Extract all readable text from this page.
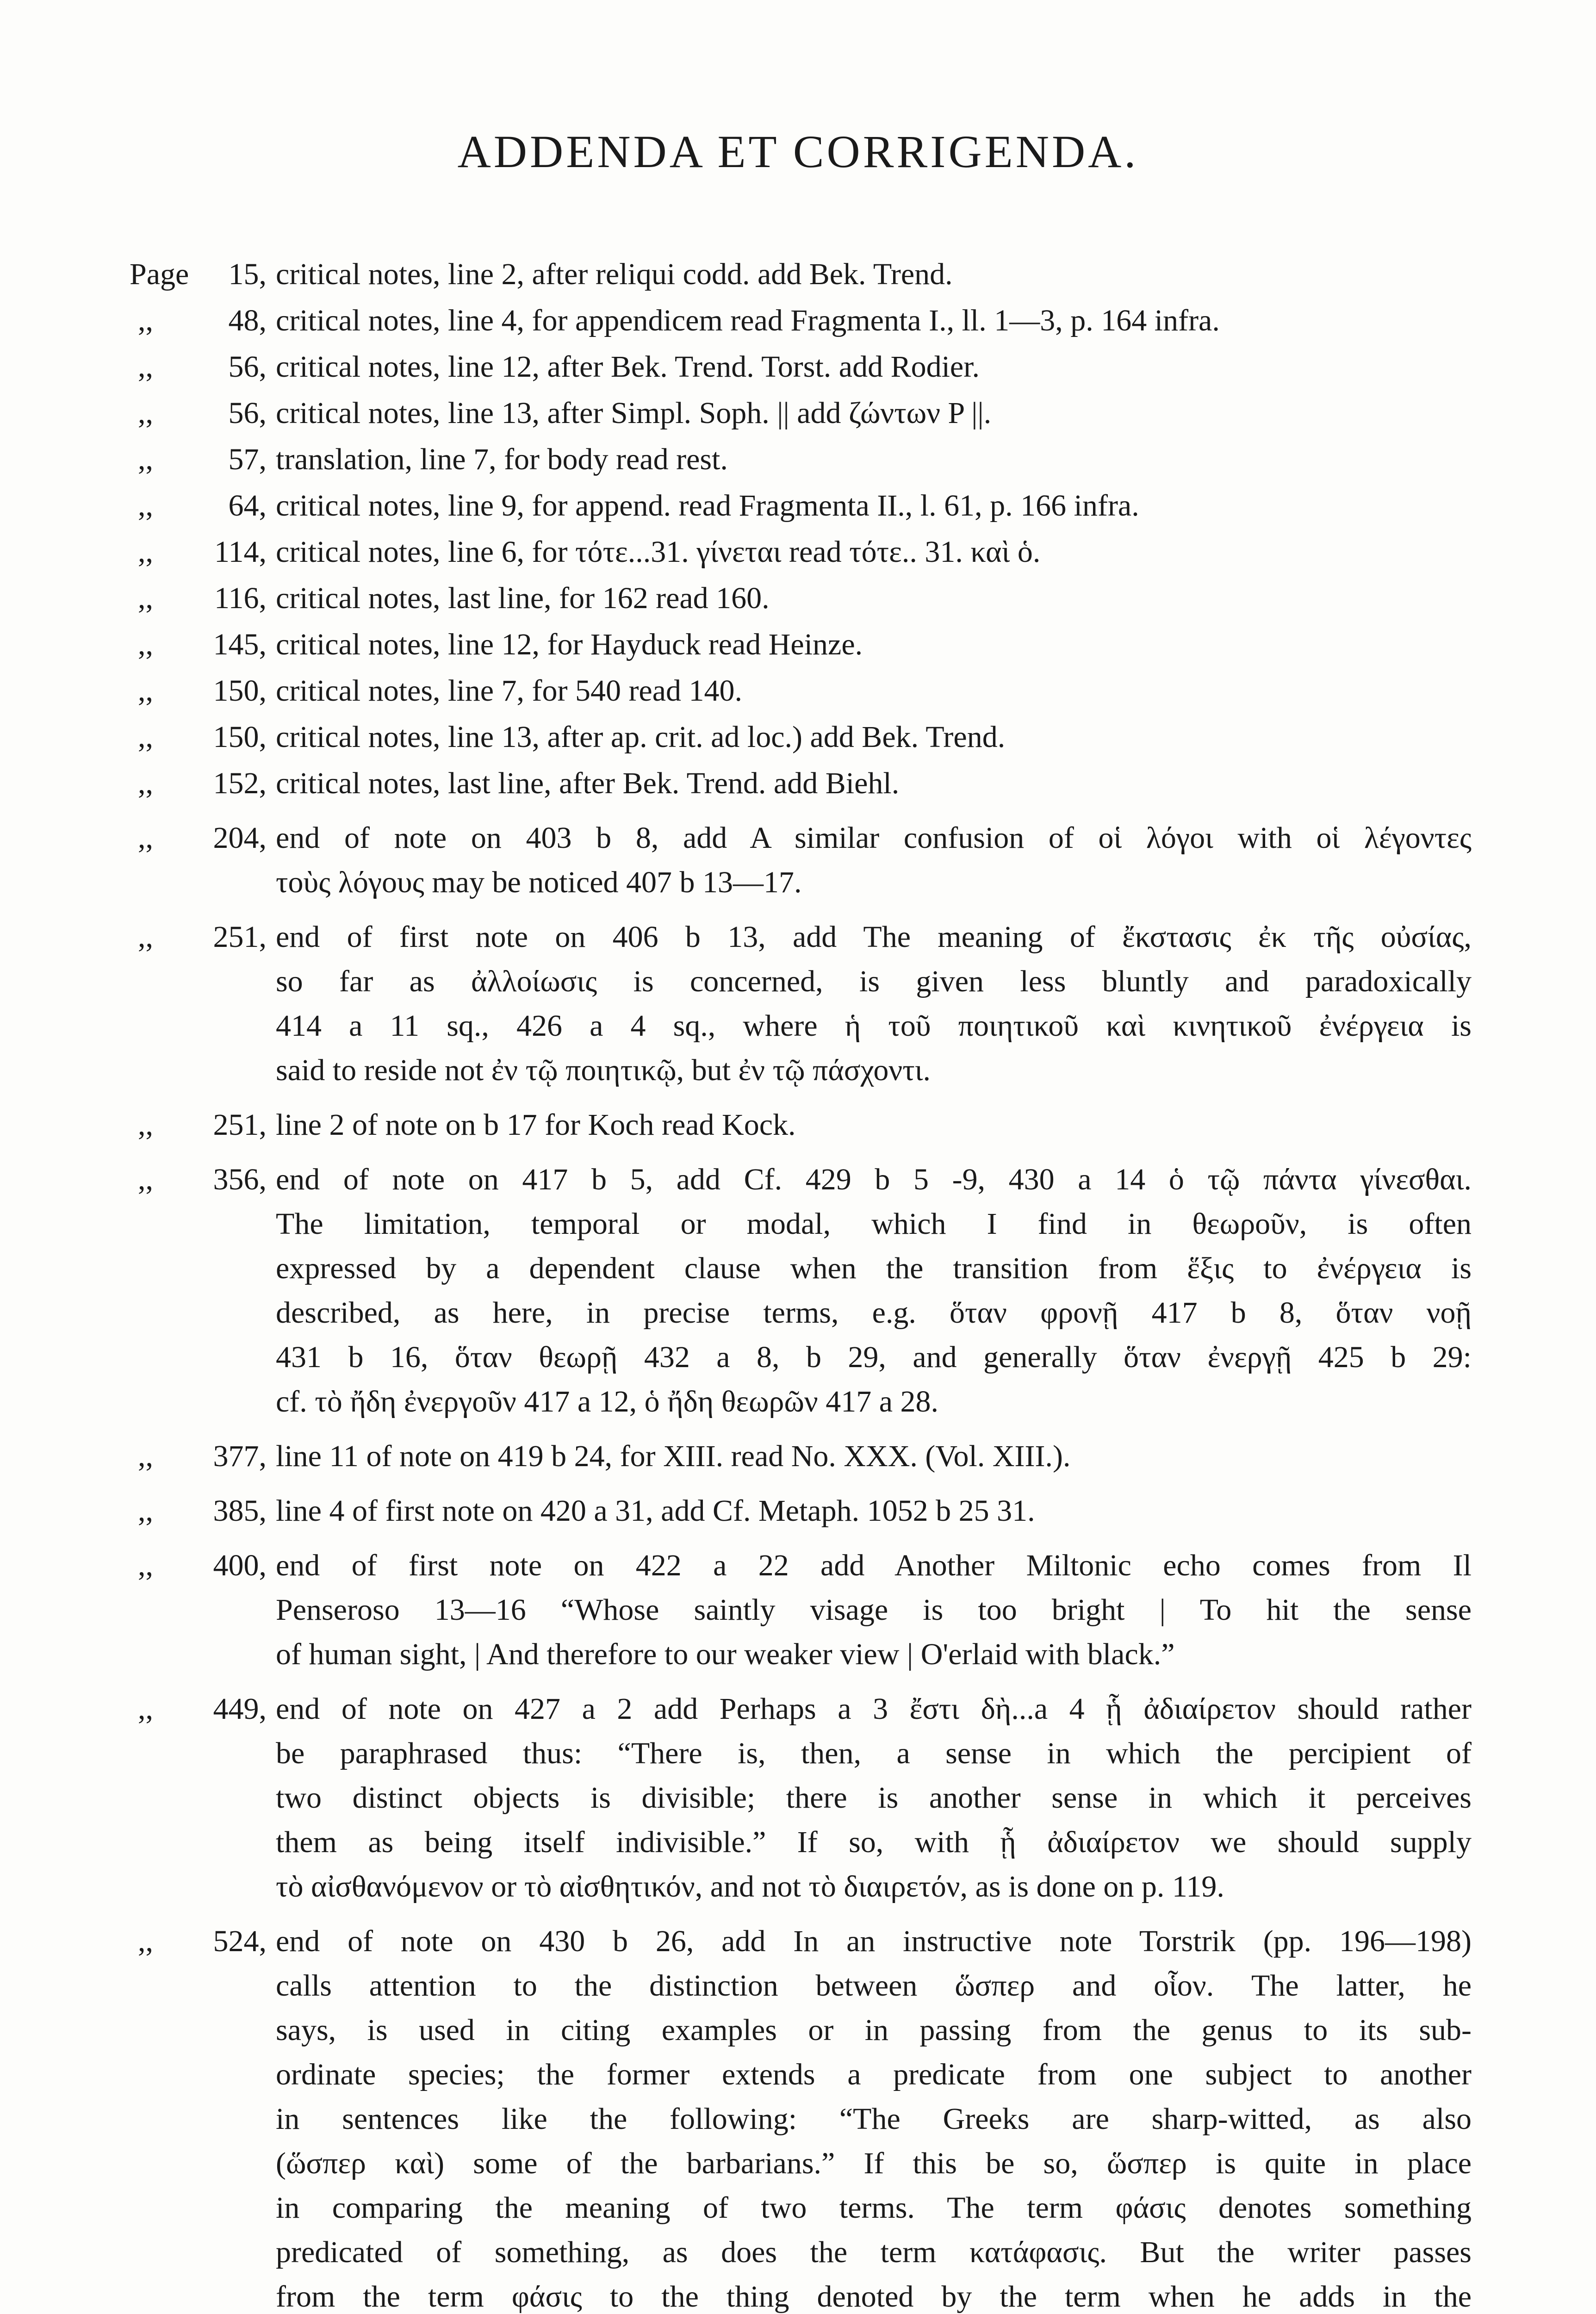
ADDENDA ET CORRIGENDA.
Page	15, critical notes, line 2, after reliqui codd. add Bek. Trend.
,,	48, critical notes, line 4, for appendicem read Fragmenta I., ll. 1—3, p. 164 infra.
,,	56, critical notes, line 12, after Bek. Trend. Torst. add Rodier.
,,	56, critical notes, line 13, after Simpl. Soph. || add ζώντων P ||.
,,	57, translation, line 7, for body read rest.
,,	64, critical notes, line 9, for append. read Fragmenta II., l. 61, p. 166 infra.
,,	114, critical notes, line 6, for τότε...31. γίνεται read τότε.. 31. καὶ ὁ.
,,	116, critical notes, last line, for 162 read 160.
,,	145, critical notes, line 12, for Hayduck read Heinze.
,,	150, critical notes, line 7, for 540 read 140.
,,	150, critical notes, line 13, after ap. crit. ad loc.) add Bek. Trend.
,,	152, critical notes, last line, after Bek. Trend. add Biehl.
,,	204, end of note on 403 b 8, add A similar confusion of οἱ λόγοι with οἱ λέγοντες
τοὺς λόγους may be noticed 407 b 13—17.
,,	251, end of first note on 406 b 13, add The meaning of ἔκστασις ἐκ τῆς οὐσίας,
so far as ἀλλοίωσις is concerned, is given less bluntly and paradoxically
414 a 11 sq., 426 a 4 sq., where ἡ τοῦ ποιητικοῦ καὶ κινητικοῦ ἐνέργεια is
said to reside not ἐν τῷ ποιητικῷ, but ἐν τῷ πάσχοντι.
,,	251, line 2 of note on b 17 for Koch read Kock.
,,	356, end of note on 417 b 5, add Cf. 429 b 5 -9, 430 a 14 ὁ τῷ πάντα γίνεσθαι.
The limitation, temporal or modal, which I find in θεωροῦν, is often
expressed by a dependent clause when the transition from ἕξις to ἐνέργεια is
described, as here, in precise terms, e.g. ὅταν φρονῇ 417 b 8, ὅταν νοῇ
431 b 16, ὅταν θεωρῇ 432 a 8, b 29, and generally ὅταν ἐνεργῇ 425 b 29:
cf. τὸ ἤδη ἐνεργοῦν 417 a 12, ὁ ἤδη θεωρῶν 417 a 28.
,,	377, line 11 of note on 419 b 24, for XIII. read No. XXX. (Vol. XIII.).
,,	385, line 4 of first note on 420 a 31, add Cf. Metaph. 1052 b 25 31.
,,	400, end of first note on 422 a 22 add Another Miltonic echo comes from Il
Penseroso 13—16 “Whose saintly visage is too bright | To hit the sense
of human sight, | And therefore to our weaker view | O'erlaid with black.”
,,	449, end of note on 427 a 2 add Perhaps a 3 ἔστι δὴ...a 4 ᾗ ἀδιαίρετον should rather
be paraphrased thus: “There is, then, a sense in which the percipient of
two distinct objects is divisible; there is another sense in which it perceives
them as being itself indivisible.” If so, with ᾗ ἀδιαίρετον we should supply
τὸ αἰσθανόμενον or τὸ αἰσθητικόν, and not τὸ διαιρετόν, as is done on p. 119.
,,	524, end of note on 430 b 26, add In an instructive note Torstrik (pp. 196—198)
calls attention to the distinction between ὥσπερ and οἷον. The latter, he
says, is used in citing examples or in passing from the genus to its sub-
ordinate species; the former extends a predicate from one subject to another
in sentences like the following: “The Greeks are sharp-witted, as also
(ὥσπερ καὶ) some of the barbarians.” If this be so, ὥσπερ is quite in place
in comparing the meaning of two terms. The term φάσις denotes something
predicated of something, as does the term κατάφασις. But the writer passes
from the term φάσις to the thing denoted by the term when he adds in the
